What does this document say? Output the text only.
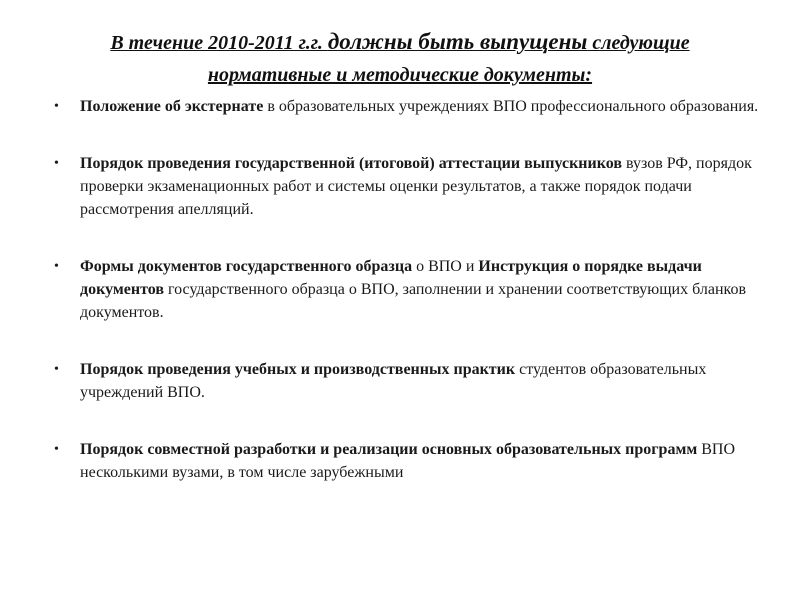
В течение 2010-2011 г.г. должны быть выпущены следующие
нормативные и методические документы:
• Положение об экстернате в образовательных учреждениях ВПО профессионального образования.
• Порядок проведения государственной (итоговой) аттестации выпускников вузов РФ, порядок проверки экзаменационных работ и системы оценки результатов, а также порядок подачи рассмотрения апелляций.
• Формы документов государственного образца о ВПО и Инструкция о порядке выдачи документов государственного образца о ВПО, заполнении и хранении соответствующих бланков документов.
• Порядок проведения учебных и производственных практик студентов образовательных учреждений ВПО.
• Порядок совместной разработки и реализации основных образовательных программ ВПО несколькими вузами, в том числе зарубежными
